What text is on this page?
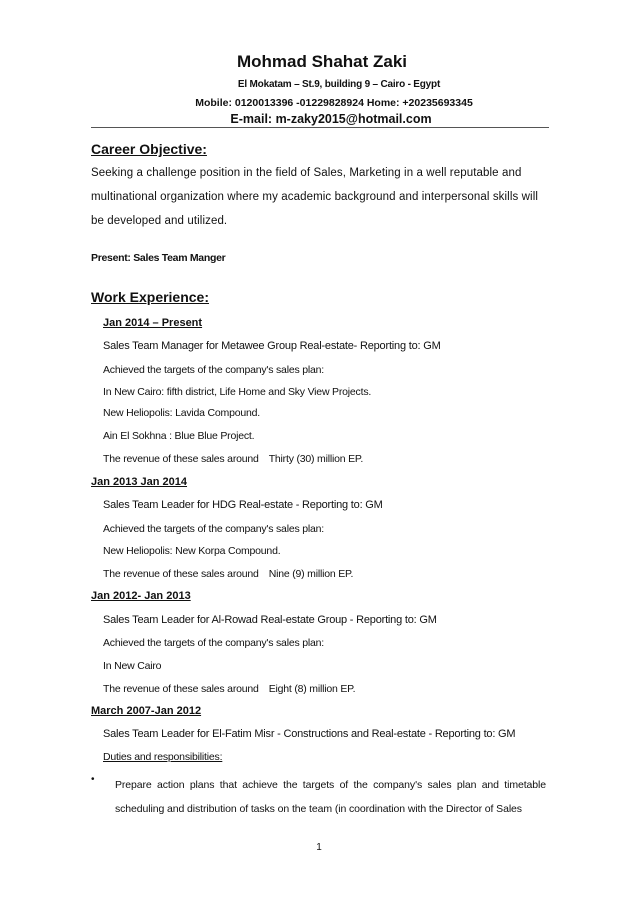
Mohmad Shahat Zaki
El Mokatam – St.9, building 9 – Cairo - Egypt
Mobile: 0120013396 -01229828924 Home: +20235693345
E-mail: m-zaky2015@hotmail.com
Career Objective:
Seeking a challenge position in the field of Sales, Marketing in a well reputable and
multinational organization where my academic background and interpersonal skills will
be developed and utilized.
Present: Sales Team Manger
Work Experience:
Jan 2014 – Present
Sales Team Manager for Metawee Group Real-estate- Reporting to: GM
Achieved the targets of the company's sales plan:
In New Cairo: fifth district, Life Home and Sky View Projects.
New Heliopolis: Lavida Compound.
Ain El Sokhna : Blue Blue Project.
The revenue of these sales around Thirty (30) million EP.
Jan 2013 Jan 2014
Sales Team Leader for HDG Real-estate - Reporting to: GM
Achieved the targets of the company's sales plan:
New Heliopolis: New Korpa Compound.
The revenue of these sales around Nine (9) million EP.
Jan 2012- Jan 2013
Sales Team Leader for Al-Rowad Real-estate Group - Reporting to: GM
Achieved the targets of the company's sales plan:
In New Cairo
The revenue of these sales around Eight (8) million EP.
March 2007-Jan 2012
Sales Team Leader for El-Fatim Misr - Constructions and Real-estate - Reporting to: GM
Duties and responsibilities:
• Prepare action plans that achieve the targets of the company's sales plan and timetable scheduling and distribution of tasks on the team (in coordination with the Director of Sales
1
